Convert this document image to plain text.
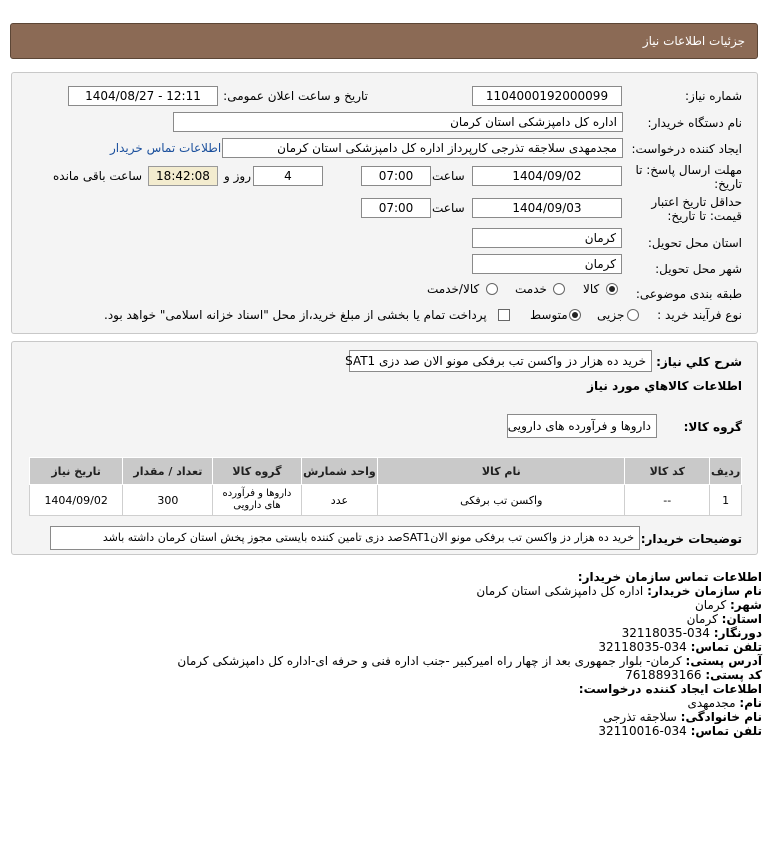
جزئیات اطلاعات نیاز
شماره نیاز:
1104000192000099
تاریخ و ساعت اعلان عمومی:
1404/08/27 - 12:11
نام دستگاه خریدار:
اداره کل دامپزشکی استان کرمان
ایجاد کننده درخواست:
مجدمهدی سلاجقه تذرجی کارپرداز اداره کل دامپزشکی استان کرمان
اطلاعات تماس خریدار
مهلت ارسال پاسخ: تا
تاریخ:
1404/09/02
ساعت
07:00
4
روز و
18:42:08
ساعت باقی مانده
حداقل تاریخ اعتبار
قیمت: تا تاریخ:
1404/09/03
ساعت
07:00
استان محل تحویل:
کرمان
شهر محل تحویل:
کرمان
طبقه بندی موضوعی:
کالا
خدمت
کالا/خدمت
نوع فرآیند خرید :
جزیی
متوسط
پرداخت تمام یا بخشی از مبلغ خرید،از محل "اسناد خزانه اسلامی" خواهد بود.
شرح کلي نياز:
خرید ده هزار دز واکسن تب برفکی مونو الان صد دزی SAT1
اطلاعات کالاهاي مورد نياز
گروه کالا:
داروها و فرآورده های دارویی
ردیف	کد کالا	نام کالا	واحد شمارش	گروه کالا	تعداد / مقدار	تاریخ نیاز
1	--	واکسن تب برفکی	عدد	داروها و فرآورده های دارویی	300	1404/09/02
توضیحات خریدار:
خرید ده هزار دز واکسن تب برفکی مونو الانSAT1صد دزی تامین کننده بایستی مجوز پخش استان کرمان داشته باشد
اطلاعات تماس سازمان خریدار:
نام سازمان خریدار: اداره کل دامپزشکی استان کرمان
شهر: کرمان
استان: کرمان
دورنگار: 034-32118035
تلفن تماس: 034-32118035
آدرس پستی: کرمان- بلوار جمهوری بعد از چهار راه امیرکبیر -جنب اداره فنی و حرفه ای-اداره کل دامپزشکی کرمان
کد پستی: 7618893166
اطلاعات ایجاد کننده درخواست:
نام: مجدمهدی
نام خانوادگی: سلاجقه تذرجی
تلفن تماس: 034-32110016
